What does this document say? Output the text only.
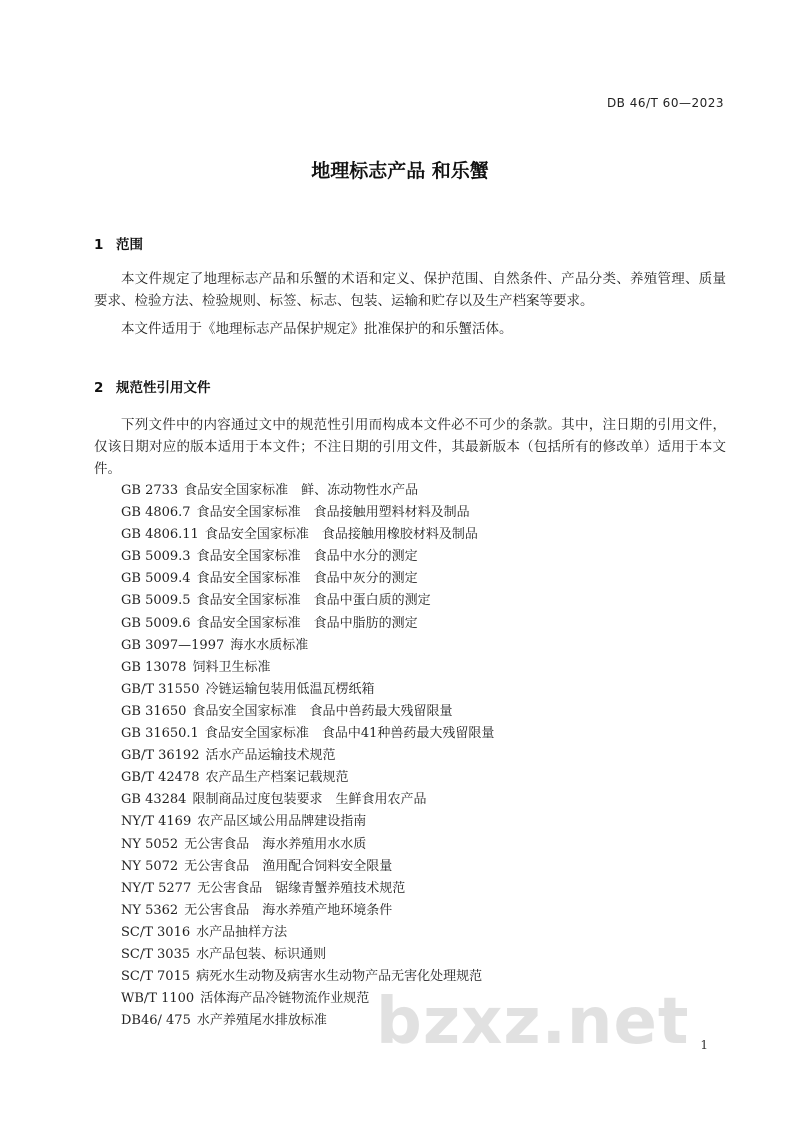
DB 46/T 60—2023
地理标志产品 和乐蟹
1 范围
本文件规定了地理标志产品和乐蟹的术语和定义、保护范围、自然条件、产品分类、养殖管理、质量要求、检验方法、检验规则、标签、标志、包装、运输和贮存以及生产档案等要求。
本文件适用于《地理标志产品保护规定》批准保护的和乐蟹活体。
2 规范性引用文件
下列文件中的内容通过文中的规范性引用而构成本文件必不可少的条款。其中，注日期的引用文件，仅该日期对应的版本适用于本文件；不注日期的引用文件，其最新版本（包括所有的修改单）适用于本文件。
GB 2733 食品安全国家标准　鲜、冻动物性水产品
GB 4806.7 食品安全国家标准　食品接触用塑料材料及制品
GB 4806.11 食品安全国家标准　食品接触用橡胶材料及制品
GB 5009.3 食品安全国家标准　食品中水分的测定
GB 5009.4 食品安全国家标准　食品中灰分的测定
GB 5009.5 食品安全国家标准　食品中蛋白质的测定
GB 5009.6 食品安全国家标准　食品中脂肪的测定
GB 3097—1997 海水水质标准
GB 13078 饲料卫生标准
GB/T 31550 冷链运输包装用低温瓦楞纸箱
GB 31650 食品安全国家标准　食品中兽药最大残留限量
GB 31650.1 食品安全国家标准　食品中41种兽药最大残留限量
GB/T 36192 活水产品运输技术规范
GB/T 42478 农产品生产档案记载规范
GB 43284 限制商品过度包装要求　生鲜食用农产品
NY/T 4169 农产品区域公用品牌建设指南
NY 5052 无公害食品　海水养殖用水水质
NY 5072 无公害食品　渔用配合饲料安全限量
NY/T 5277 无公害食品　锯缘青蟹养殖技术规范
NY 5362 无公害食品　海水养殖产地环境条件
SC/T 3016 水产品抽样方法
SC/T 3035 水产品包装、标识通则
SC/T 7015 病死水生动物及病害水生动物产品无害化处理规范
WB/T 1100 活体海产品冷链物流作业规范
DB46/ 475 水产养殖尾水排放标准 bzxz.net 1
